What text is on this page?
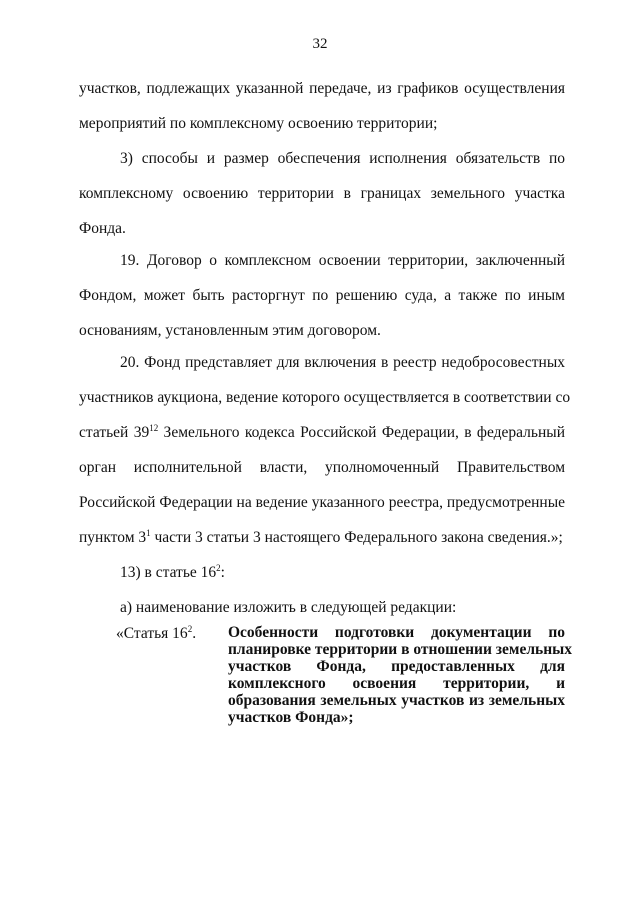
32
участков, подлежащих указанной передаче, из графиков осуществления
мероприятий по комплексному освоению территории;
3) способы и размер обеспечения исполнения обязательств по
комплексному освоению территории в границах земельного участка
Фонда.
19. Договор о комплексном освоении территории, заключенный
Фондом, может быть расторгнут по решению суда, а также по иным
основаниям, установленным этим договором.
20. Фонд представляет для включения в реестр недобросовестных
участников аукциона, ведение которого осуществляется в соответствии со
статьей $39^{12}$ Земельного кодекса Российской Федерации, в федеральный
орган исполнительной власти, уполномоченный Правительством
Российской Федерации на ведение указанного реестра, предусмотренные
пунктом $3^1$ части 3 статьи 3 настоящего Федерального закона сведения.»;
13) в статье $16^2$:
а) наименование изложить в следующей редакции:
«Статья $16^2$. Особенности подготовки документации по
планировке территории в отношении земельных
участков Фонда, предоставленных для
комплексного освоения территории, и
образования земельных участков из земельных
участков Фонда»;
